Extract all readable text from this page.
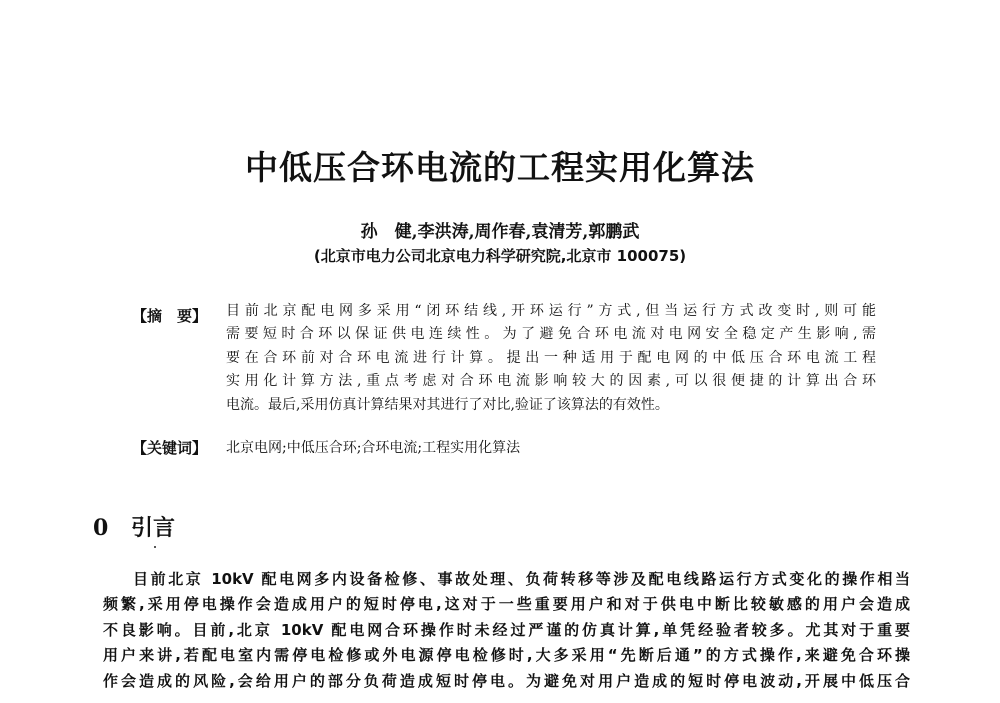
中低压合环电流的工程实用化算法
孙　健,李洪涛,周作春,袁清芳,郭鹏武
(北京市电力公司北京电力科学研究院,北京市 100075)
【摘　要】 目前北京配电网多采用“闭环结线,开环运行”方式,但当运行方式改变时,则可能
需要短时合环以保证供电连续性。为了避免合环电流对电网安全稳定产生影响,需
要在合环前对合环电流进行计算。提出一种适用于配电网的中低压合环电流工程
实用化计算方法,重点考虑对合环电流影响较大的因素,可以很便捷的计算出合环
电流。最后,采用仿真计算结果对其进行了对比,验证了该算法的有效性。
【关键词】 北京电网;中低压合环;合环电流;工程实用化算法
0 引言
目前北京 10kV 配电网多内设备检修、事故处理、负荷转移等涉及配电线路运行方式变化的操作相当
频繁,采用停电操作会造成用户的短时停电,这对于一些重要用户和对于供电中断比较敏感的用户会造成
不良影响。目前,北京 10kV 配电网合环操作时未经过严谨的仿真计算,单凭经验者较多。尤其对于重要
用户来讲,若配电室内需停电检修或外电源停电检修时,大多采用“先断后通”的方式操作,来避免合环操
作会造成的风险,会给用户的部分负荷造成短时停电。为避免对用户造成的短时停电波动,开展中低压合
